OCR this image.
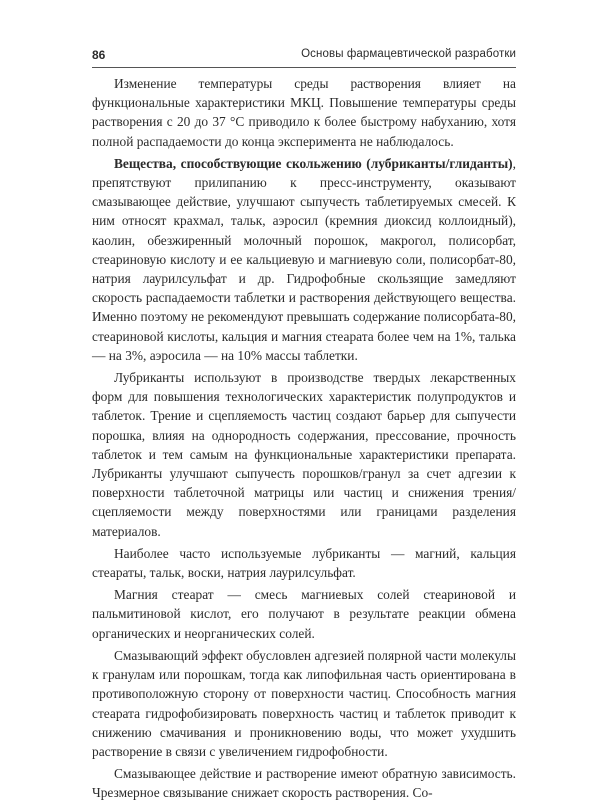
86	Основы фармацевтической разработки

Изменение температуры среды растворения влияет на функциональные характеристики МКЦ. Повышение температуры среды растворения с 20 до 37 °C приводило к более быстрому набуханию, хотя полной распадаемости до конца эксперимента не наблюдалось.

Вещества, способствующие скольжению (лубриканты/глиданты), препятствуют прилипанию к пресс-инструменту, оказывают смазывающее действие, улучшают сыпучесть таблетируемых смесей. К ним относят крахмал, тальк, аэросил (кремния диоксид коллоидный), каолин, обезжиренный молочный порошок, макрогол, полисорбат, стеариновую кислоту и ее кальциевую и магниевую соли, полисорбат-80, натрия лаурилсульфат и др. Гидрофобные скользящие замедляют скорость распадаемости таблетки и растворения действующего вещества. Именно поэтому не рекомендуют превышать содержание полисорбата-80, стеариновой кислоты, кальция и магния стеарата более чем на 1%, талька — на 3%, аэросила — на 10% массы таблетки.

Лубриканты используют в производстве твердых лекарственных форм для повышения технологических характеристик полупродуктов и таблеток. Трение и сцепляемость частиц создают барьер для сыпучести порошка, влияя на однородность содержания, прессование, прочность таблеток и тем самым на функциональные характеристики препарата. Лубриканты улучшают сыпучесть порошков/гранул за счет адгезии к поверхности таблеточной матрицы или частиц и снижения трения/сцепляемости между поверхностями или границами разделения материалов.

Наиболее часто используемые лубриканты — магний, кальция стеараты, тальк, воски, натрия лаурилсульфат.

Магния стеарат — смесь магниевых солей стеариновой и пальмитиновой кислот, его получают в результате реакции обмена органических и неорганических солей.

Смазывающий эффект обусловлен адгезией полярной части молекулы к гранулам или порошкам, тогда как липофильная часть ориентирована в противоположную сторону от поверхности частиц. Способность магния стеарата гидрофобизировать поверхность частиц и таблеток приводит к снижению смачивания и проникновению воды, что может ухудшить растворение в связи с увеличением гидрофобности.

Смазывающее действие и растворение имеют обратную зависимость. Чрезмерное связывание снижает скорость растворения. Со-
